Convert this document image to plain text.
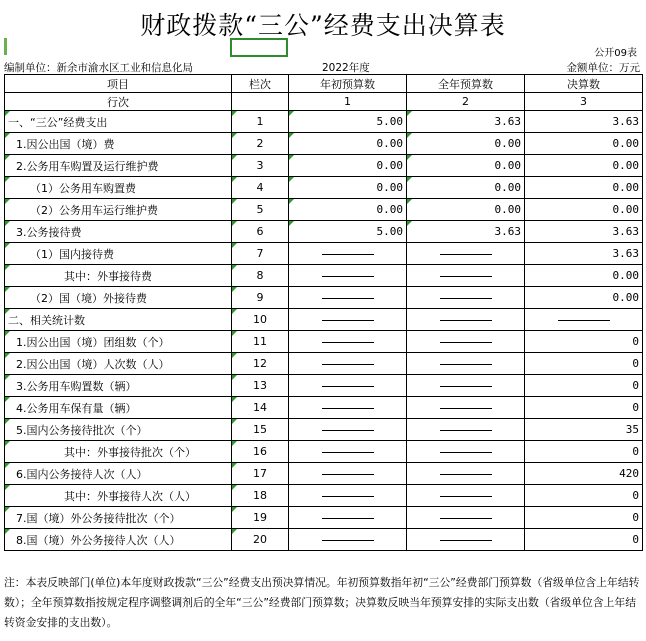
财政拨款“三公”经费支出决算表
公开09表
编制单位：新余市渝水区工业和信息化局	2022年度	金额单位：万元
项目	栏次	年初预算数	全年预算数	决算数
行次		1	2	3
一、“三公”经费支出	1	5.00	3.63	3.63
1.因公出国（境）费	2	0.00	0.00	0.00
2.公务用车购置及运行维护费	3	0.00	0.00	0.00
（1）公务用车购置费	4	0.00	0.00	0.00
（2）公务用车运行维护费	5	0.00	0.00	0.00
3.公务接待费	6	5.00	3.63	3.63
（1）国内接待费	7			3.63
其中：外事接待费	8			0.00
（2）国（境）外接待费	9			0.00
二、相关统计数	10

1.因公出国（境）团组数（个）	11			0
2.因公出国（境）人次数（人）	12			0
3.公务用车购置数（辆）	13			0
4.公务用车保有量（辆）	14			0
5.国内公务接待批次（个）	15			35
其中：外事接待批次（个）	16			0
6.国内公务接待人次（人）	17			420
其中：外事接待人次（人）	18			0
7.国（境）外公务接待批次（个）	19			0
8.国（境）外公务接待人次（人）	20			0
注：本表反映部门(单位)本年度财政拨款“三公”经费支出预决算情况。年初预算数指年初“三公”经费部门预算数（省级单位含上年结转数）；全年预算数指按规定程序调整调剂后的全年“三公”经费部门预算数；决算数反映当年预算安排的实际支出数（省级单位含上年结转资金安排的支出数）。
